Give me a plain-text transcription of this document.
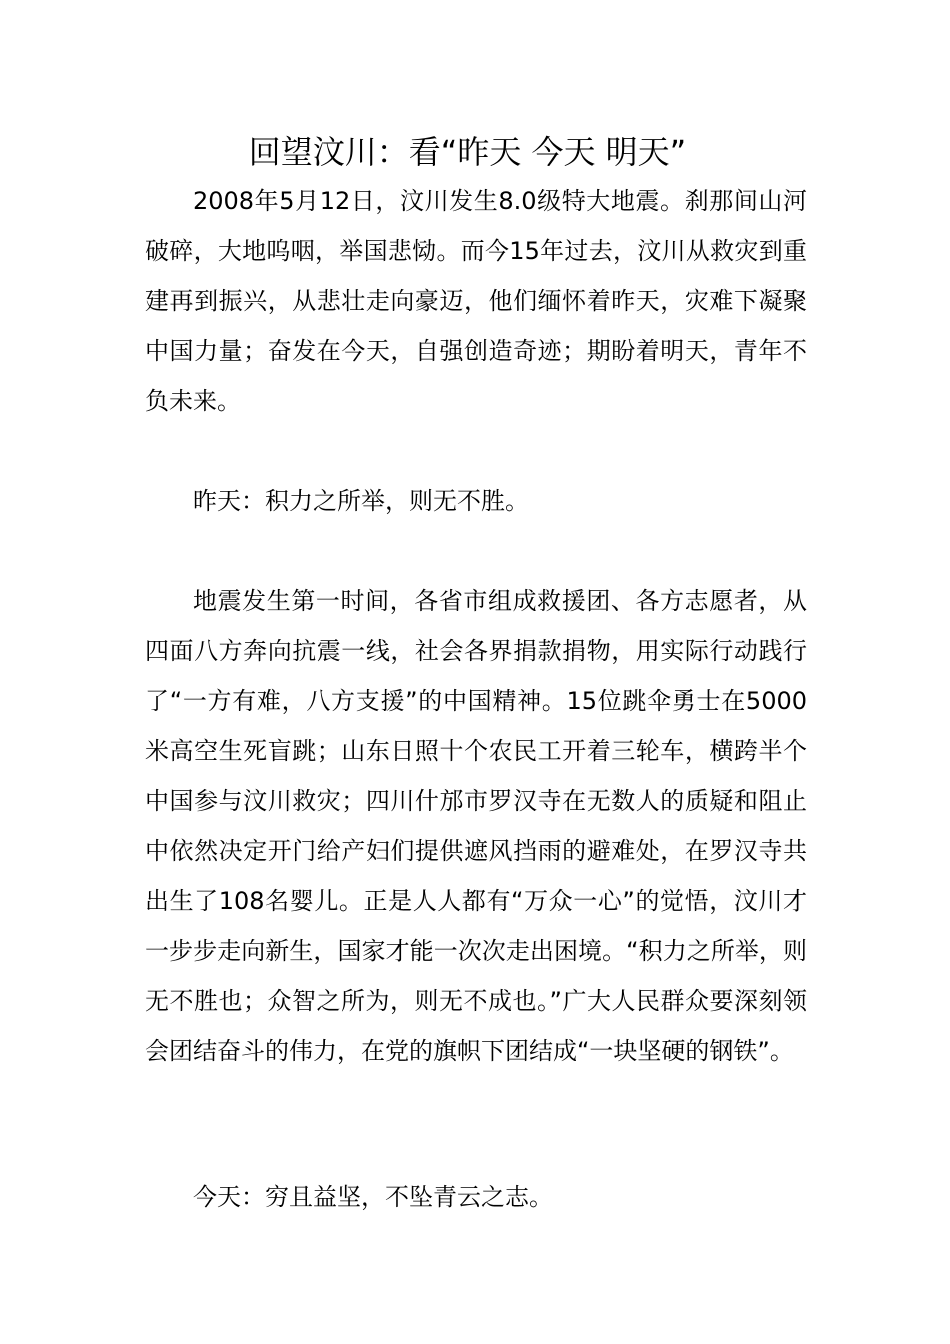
回望汶川：看“昨天 今天 明天”

2008年5月12日，汶川发生8.0级特大地震。刹那间山河破碎，大地呜咽，举国悲恸。而今15年过去，汶川从救灾到重建再到振兴，从悲壮走向豪迈，他们缅怀着昨天，灾难下凝聚中国力量；奋发在今天，自强创造奇迹；期盼着明天，青年不负未来。

昨天：积力之所举，则无不胜。

地震发生第一时间，各省市组成救援团、各方志愿者，从四面八方奔向抗震一线，社会各界捐款捐物，用实际行动践行了“一方有难，八方支援”的中国精神。15位跳伞勇士在5000米高空生死盲跳；山东日照十个农民工开着三轮车，横跨半个中国参与汶川救灾；四川什邡市罗汉寺在无数人的质疑和阻止中依然决定开门给产妇们提供遮风挡雨的避难处，在罗汉寺共出生了108名婴儿。正是人人都有“万众一心”的觉悟，汶川才一步步走向新生，国家才能一次次走出困境。“积力之所举，则无不胜也；众智之所为，则无不成也。”广大人民群众要深刻领会团结奋斗的伟力，在党的旗帜下团结成“一块坚硬的钢铁”。

今天：穷且益坚，不坠青云之志。
